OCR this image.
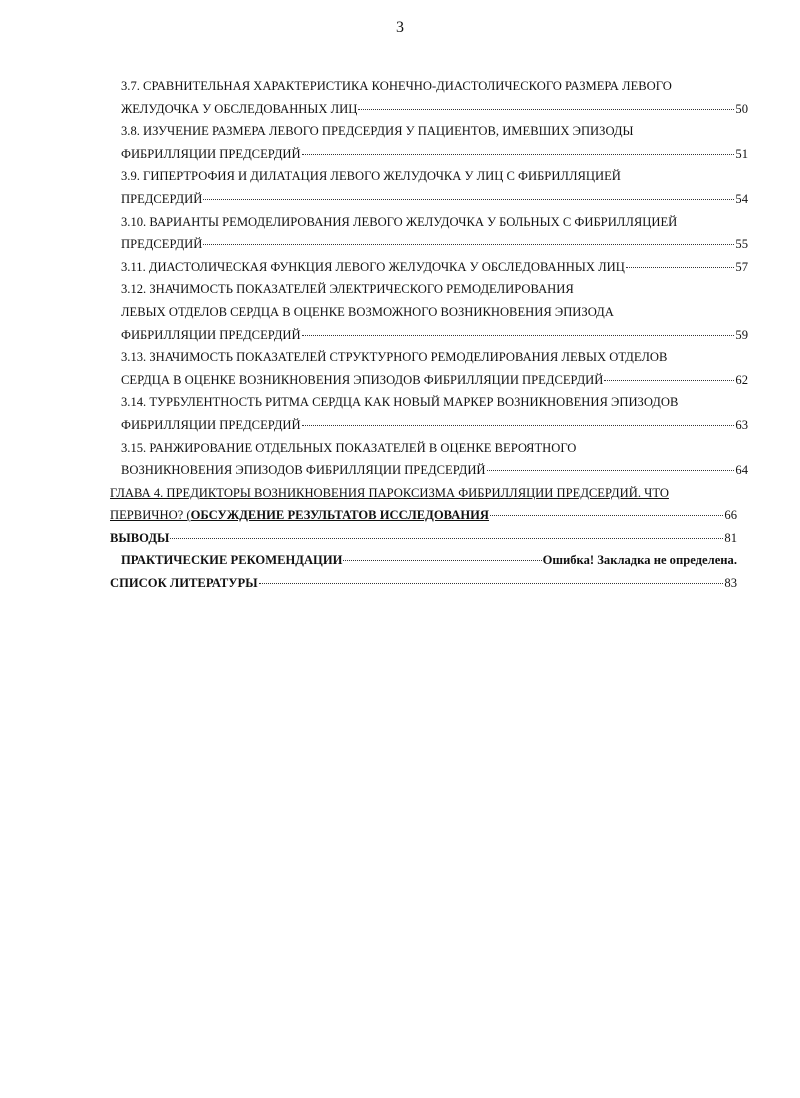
3
3.7. СРАВНИТЕЛЬНАЯ ХАРАКТЕРИСТИКА КОНЕЧНО-ДИАСТОЛИЧЕСКОГО РАЗМЕРА ЛЕВОГО
ЖЕЛУДОЧКА У ОБСЛЕДОВАННЫХ ЛИЦ	50
3.8. ИЗУЧЕНИЕ РАЗМЕРА ЛЕВОГО ПРЕДСЕРДИЯ У ПАЦИЕНТОВ, ИМЕВШИХ ЭПИЗОДЫ
ФИБРИЛЛЯЦИИ ПРЕДСЕРДИЙ	51
3.9. ГИПЕРТРОФИЯ И ДИЛАТАЦИЯ ЛЕВОГО ЖЕЛУДОЧКА У ЛИЦ С ФИБРИЛЛЯЦИЕЙ
ПРЕДСЕРДИЙ	54
3.10. ВАРИАНТЫ РЕМОДЕЛИРОВАНИЯ ЛЕВОГО ЖЕЛУДОЧКА У БОЛЬНЫХ С ФИБРИЛЛЯЦИЕЙ
ПРЕДСЕРДИЙ	55
3.11. ДИАСТОЛИЧЕСКАЯ ФУНКЦИЯ ЛЕВОГО ЖЕЛУДОЧКА У ОБСЛЕДОВАННЫХ ЛИЦ	57
3.12. ЗНАЧИМОСТЬ ПОКАЗАТЕЛЕЙ ЭЛЕКТРИЧЕСКОГО РЕМОДЕЛИРОВАНИЯ
ЛЕВЫХ ОТДЕЛОВ СЕРДЦА В ОЦЕНКЕ ВОЗМОЖНОГО ВОЗНИКНОВЕНИЯ ЭПИЗОДА
ФИБРИЛЛЯЦИИ ПРЕДСЕРДИЙ	59
3.13. ЗНАЧИМОСТЬ ПОКАЗАТЕЛЕЙ СТРУКТУРНОГО РЕМОДЕЛИРОВАНИЯ ЛЕВЫХ ОТДЕЛОВ
СЕРДЦА В ОЦЕНКЕ ВОЗНИКНОВЕНИЯ ЭПИЗОДОВ ФИБРИЛЛЯЦИИ ПРЕДСЕРДИЙ	62
3.14. ТУРБУЛЕНТНОСТЬ РИТМА СЕРДЦА КАК НОВЫЙ МАРКЕР ВОЗНИКНОВЕНИЯ ЭПИЗОДОВ
ФИБРИЛЛЯЦИИ ПРЕДСЕРДИЙ	63
3.15. РАНЖИРОВАНИЕ ОТДЕЛЬНЫХ ПОКАЗАТЕЛЕЙ В ОЦЕНКЕ ВЕРОЯТНОГО
ВОЗНИКНОВЕНИЯ ЭПИЗОДОВ ФИБРИЛЛЯЦИИ ПРЕДСЕРДИЙ	64
ГЛАВА 4. ПРЕДИКТОРЫ ВОЗНИКНОВЕНИЯ ПАРОКСИЗМА ФИБРИЛЛЯЦИИ ПРЕДСЕРДИЙ. ЧТО
ПЕРВИЧНО? (ОБСУЖДЕНИЕ РЕЗУЛЬТАТОВ ИССЛЕДОВАНИЯ	66
ВЫВОДЫ	81
ПРАКТИЧЕСКИЕ РЕКОМЕНДАЦИИ	Ошибка! Закладка не определена.
СПИСОК ЛИТЕРАТУРЫ	83
